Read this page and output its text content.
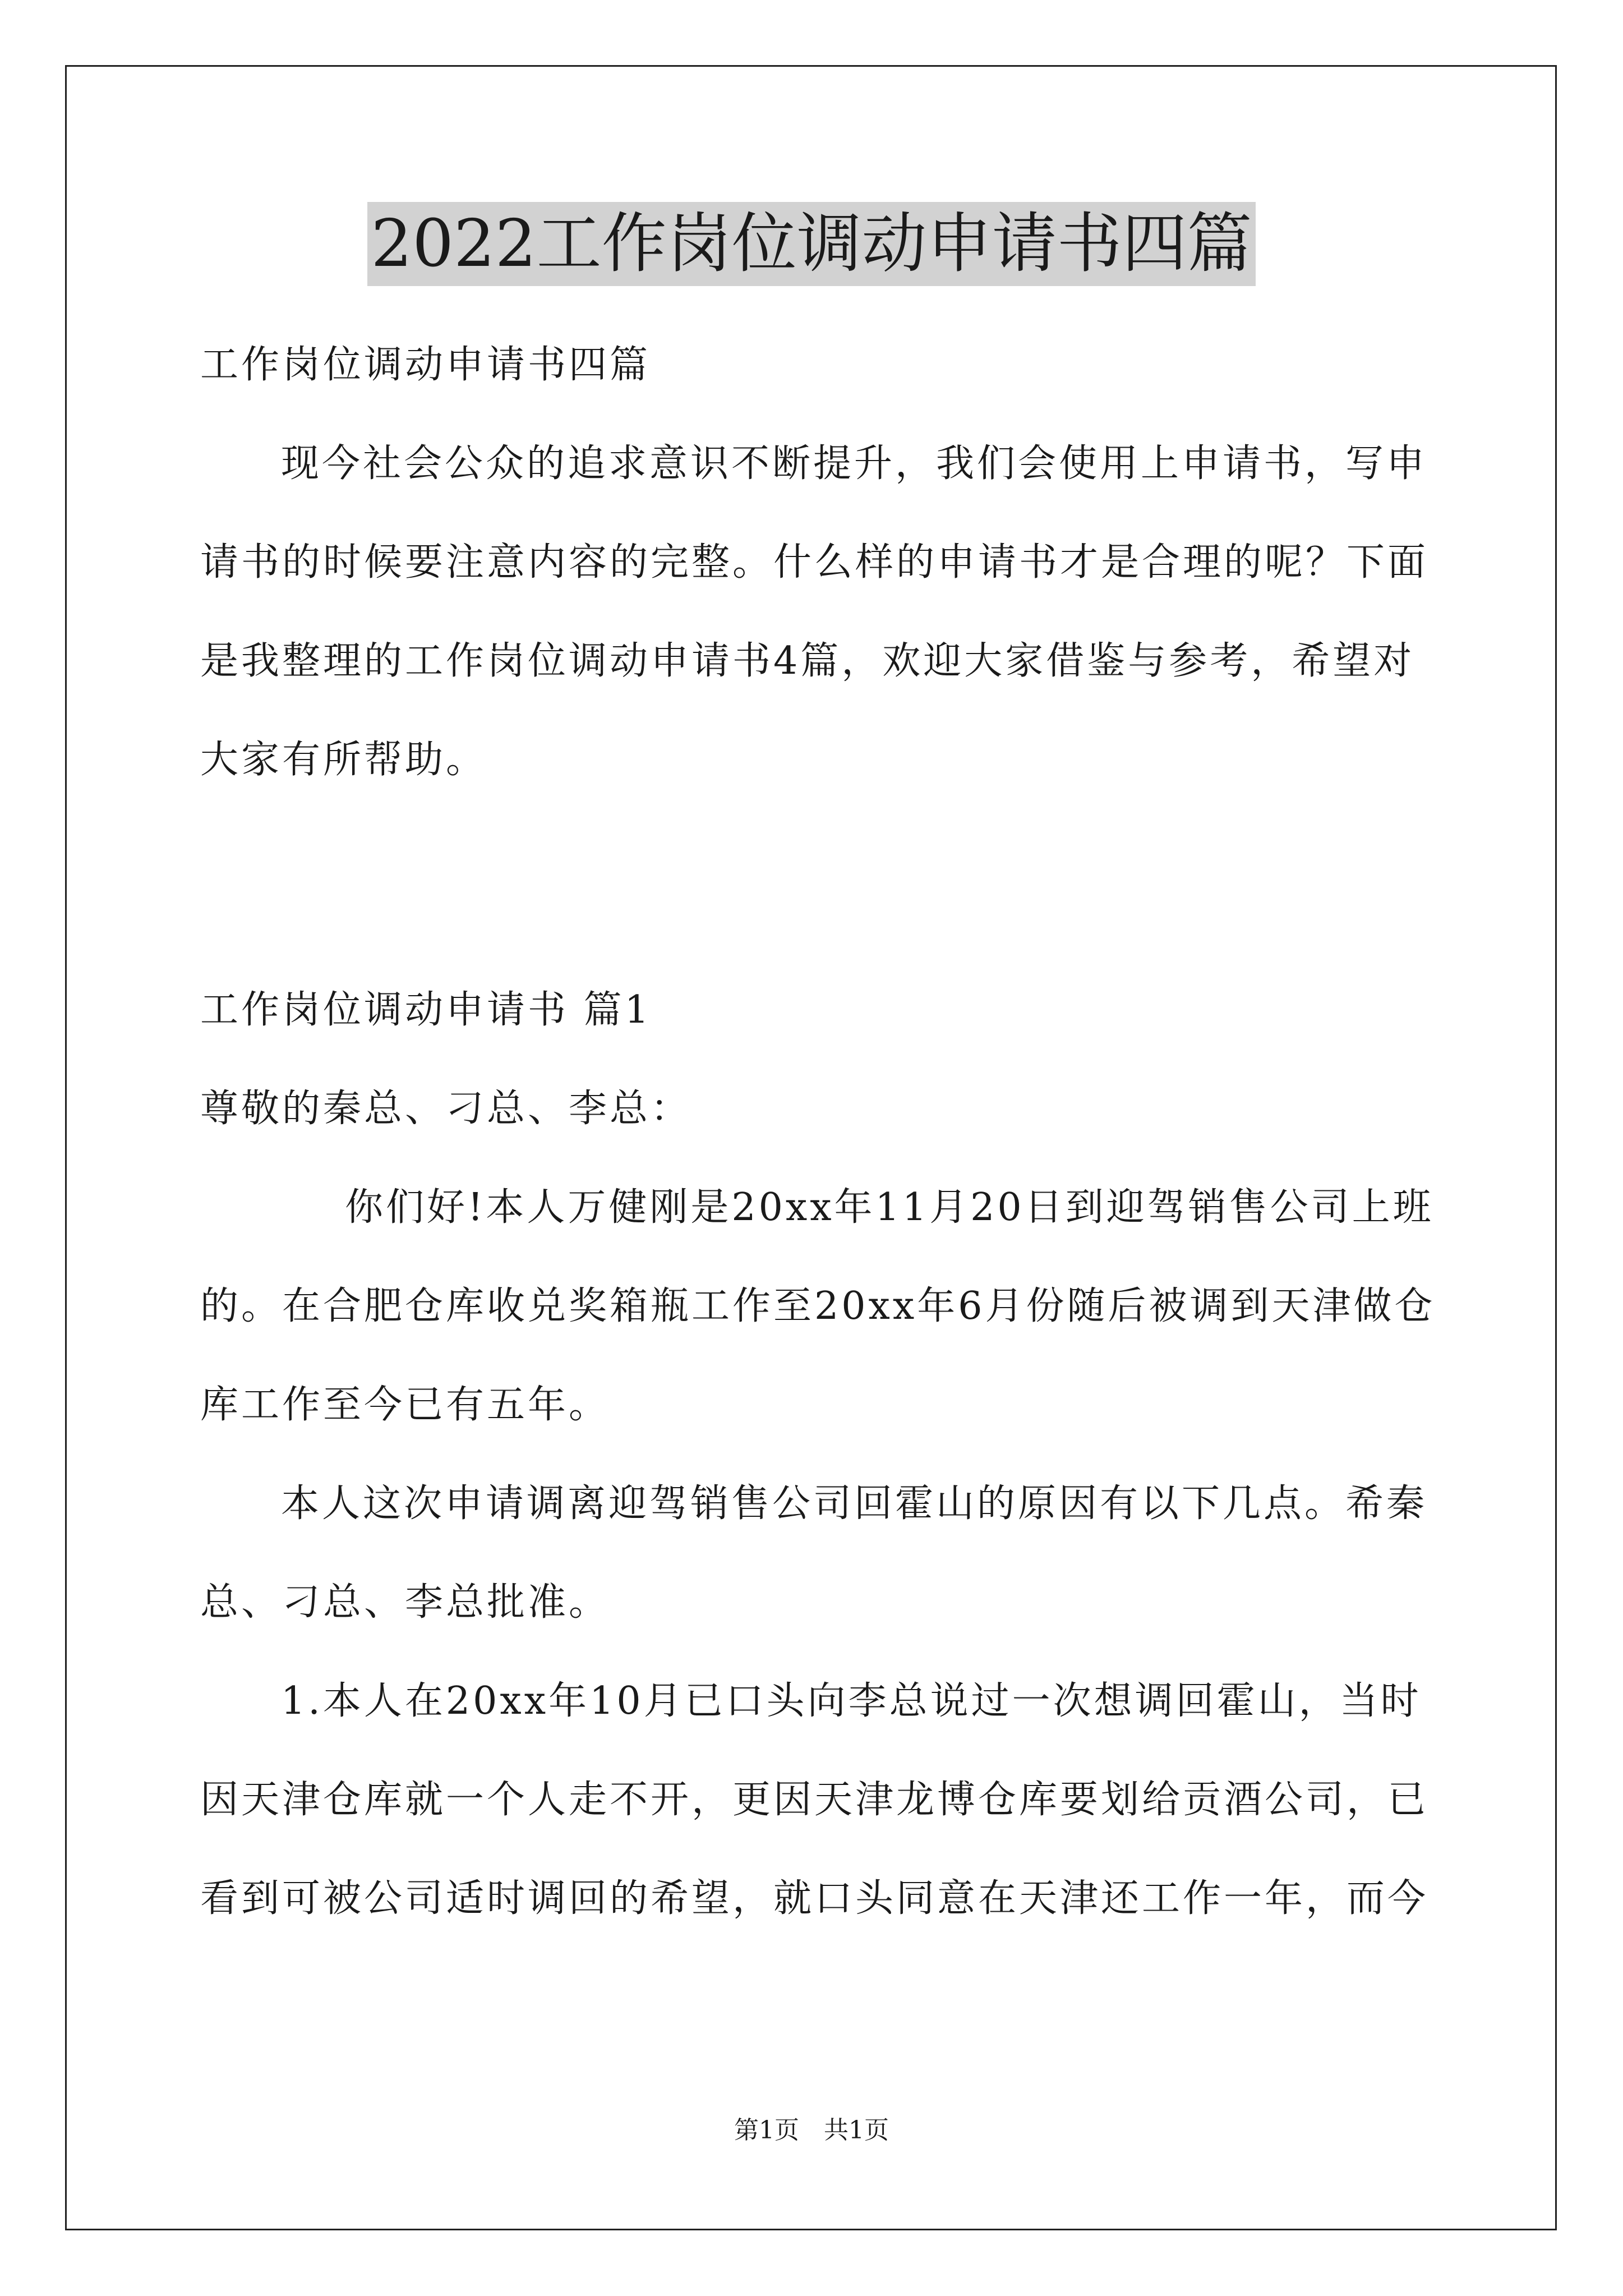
2022工作岗位调动申请书四篇
工作岗位调动申请书四篇
现今社会公众的追求意识不断提升，我们会使用上申请书，写申
请书的时候要注意内容的完整。什么样的申请书才是合理的呢？下面
是我整理的工作岗位调动申请书4篇，欢迎大家借鉴与参考，希望对
大家有所帮助。
工作岗位调动申请书 篇1
尊敬的秦总、刁总、李总：
你们好!本人万健刚是20xx年11月20日到迎驾销售公司上班
的。在合肥仓库收兑奖箱瓶工作至20xx年6月份随后被调到天津做仓
库工作至今已有五年。
本人这次申请调离迎驾销售公司回霍山的原因有以下几点。希秦
总、刁总、李总批准。
1.本人在20xx年10月已口头向李总说过一次想调回霍山，当时
因天津仓库就一个人走不开，更因天津龙博仓库要划给贡酒公司，已
看到可被公司适时调回的希望，就口头同意在天津还工作一年，而今
第1页　共1页
